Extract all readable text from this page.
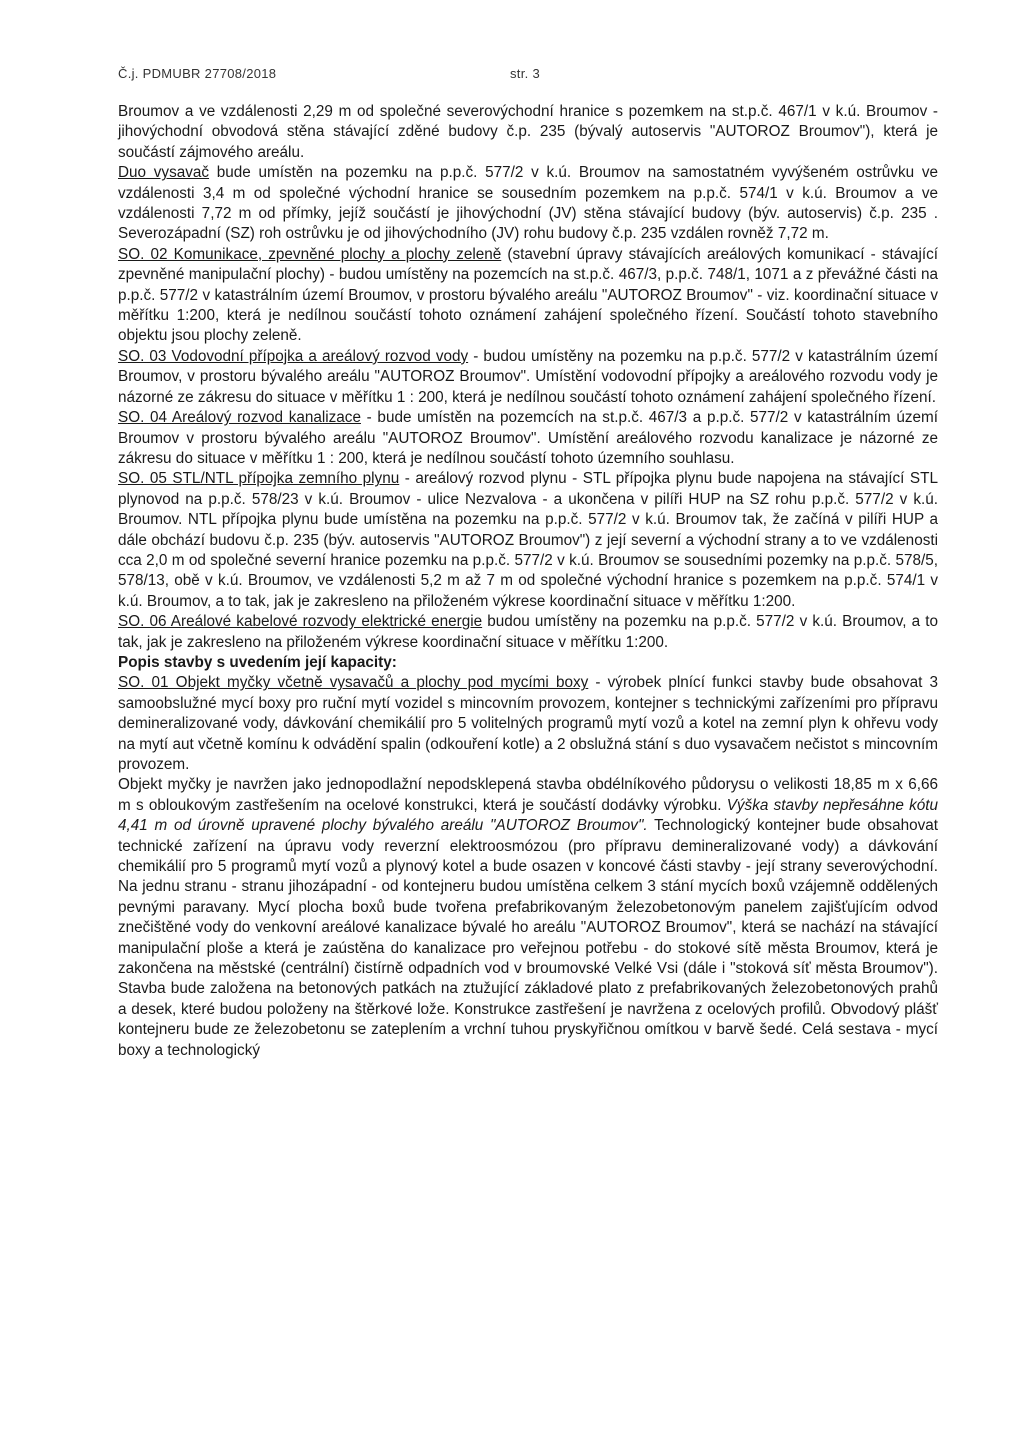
Č.j. PDMUBR 27708/2018	str. 3

Broumov a ve vzdálenosti 2,29 m od společné severovýchodní hranice s pozemkem na st.p.č. 467/1 v k.ú. Broumov - jihovýchodní obvodová stěna stávající zděné budovy č.p. 235 (bývalý autoservis "AUTOROZ Broumov"), která je součástí zájmového areálu.

Duo vysavač bude umístěn na pozemku na p.p.č. 577/2 v k.ú. Broumov na samostatném vyvýšeném ostrůvku ve vzdálenosti 3,4 m od společné východní hranice se sousedním pozemkem na p.p.č. 574/1 v k.ú. Broumov a ve vzdálenosti 7,72 m od přímky, jejíž součástí je jihovýchodní (JV) stěna stávající budovy (býv. autoservis) č.p. 235 . Severozápadní (SZ) roh ostrůvku je od jihovýchodního (JV) rohu budovy č.p. 235 vzdálen rovněž 7,72 m.

SO. 02 Komunikace, zpevněné plochy a plochy zeleně (stavební úpravy stávajících areálových komunikací - stávající zpevněné manipulační plochy) - budou umístěny na pozemcích na st.p.č. 467/3, p.p.č. 748/1, 1071 a z převážné části na p.p.č. 577/2 v katastrálním území Broumov, v prostoru bývalého areálu "AUTOROZ Broumov" - viz. koordinační situace v měřítku 1:200, která je nedílnou součástí tohoto oznámení zahájení společného řízení. Součástí tohoto stavebního objektu jsou plochy zeleně.

SO. 03 Vodovodní přípojka a areálový rozvod vody - budou umístěny na pozemku na p.p.č. 577/2 v katastrálním území Broumov, v prostoru bývalého areálu "AUTOROZ Broumov". Umístění vodovodní přípojky a areálového rozvodu vody je názorné ze zákresu do situace v měřítku 1 : 200, která je nedílnou součástí tohoto oznámení zahájení společného řízení.

SO. 04 Areálový rozvod kanalizace - bude umístěn na pozemcích na st.p.č. 467/3 a p.p.č. 577/2 v katastrálním území Broumov v prostoru bývalého areálu "AUTOROZ Broumov". Umístění areálového rozvodu kanalizace je názorné ze zákresu do situace v měřítku 1 : 200, která je nedílnou součástí tohoto územního souhlasu.

SO. 05 STL/NTL přípojka zemního plynu - areálový rozvod plynu - STL přípojka plynu bude napojena na stávající STL plynovod na p.p.č. 578/23 v k.ú. Broumov - ulice Nezvalova - a ukončena v pilíři HUP na SZ rohu p.p.č. 577/2 v k.ú. Broumov. NTL přípojka plynu bude umístěna na pozemku na p.p.č. 577/2 v k.ú. Broumov tak, že začíná v pilíři HUP a dále obchází budovu č.p. 235 (býv. autoservis "AUTOROZ Broumov") z její severní a východní strany a to ve vzdálenosti cca 2,0 m od společné severní hranice pozemku na p.p.č. 577/2 v k.ú. Broumov se sousedními pozemky na p.p.č. 578/5, 578/13, obě v k.ú. Broumov, ve vzdálenosti 5,2 m až 7 m od společné východní hranice s pozemkem na p.p.č. 574/1 v k.ú. Broumov, a to tak, jak je zakresleno na přiloženém výkrese koordinační situace v měřítku 1:200.

SO. 06 Areálové kabelové rozvody elektrické energie budou umístěny na pozemku na p.p.č. 577/2 v k.ú. Broumov, a to tak, jak je zakresleno na přiloženém výkrese koordinační situace v měřítku 1:200.

Popis stavby s uvedením její kapacity:

SO. 01 Objekt myčky včetně vysavačů a plochy pod mycími boxy - výrobek plnící funkci stavby bude obsahovat 3 samoobslužné mycí boxy pro ruční mytí vozidel s mincovním provozem, kontejner s technickými zařízeními pro přípravu demineralizované vody, dávkování chemikálií pro 5 volitelných programů mytí vozů a kotel na zemní plyn k ohřevu vody na mytí aut včetně komínu k odvádění spalin (odkouření kotle) a 2 obslužná stání s duo vysavačem nečistot s mincovním provozem.

Objekt myčky je navržen jako jednopodlažní nepodsklepená stavba obdélníkového půdorysu o velikosti 18,85 m x 6,66 m s obloukovým zastřešením na ocelové konstrukci, která je součástí dodávky výrobku. Výška stavby nepřesáhne kótu 4,41 m od úrovně upravené plochy bývalého areálu "AUTOROZ Broumov". Technologický kontejner bude obsahovat technické zařízení na úpravu vody reverzní elektroosmózou (pro přípravu demineralizované vody) a dávkování chemikálií pro 5 programů mytí vozů a plynový kotel a bude osazen v koncové části stavby - její strany severovýchodní. Na jednu stranu - stranu jihozápadní - od kontejneru budou umístěna celkem 3 stání mycích boxů vzájemně oddělených pevnými paravany. Mycí plocha boxů bude tvořena prefabrikovaným železobetonovým panelem zajišťujícím odvod znečištěné vody do venkovní areálové kanalizace bývalé ho areálu "AUTOROZ Broumov", která se nachází na stávající manipulační ploše a která je zaústěna do kanalizace pro veřejnou potřebu - do stokové sítě města Broumov, která je zakončena na městské (centrální) čistírně odpadních vod v broumovské Velké Vsi (dále i "stoková síť města Broumov"). Stavba bude založena na betonových patkách na ztužující základové plato z prefabrikovaných železobetonových prahů a desek, které budou položeny na štěrkové lože. Konstrukce zastřešení je navržena z ocelových profilů. Obvodový plášť kontejneru bude ze železobetonu se zateplením a vrchní tuhou pryskyřičnou omítkou v barvě šedé. Celá sestava - mycí boxy a technologický
